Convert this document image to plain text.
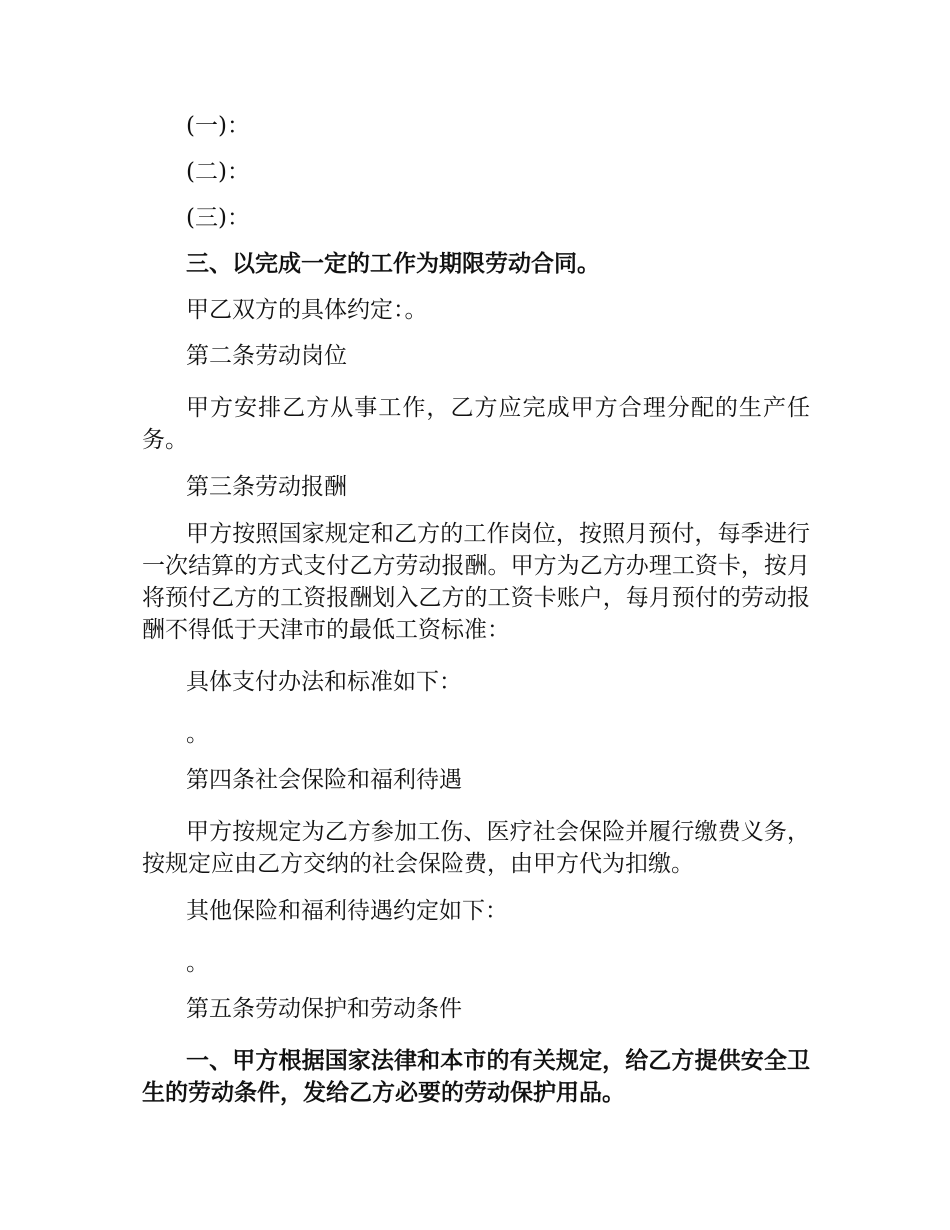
(一)：

(二)：

(三)：

三、以完成一定的工作为期限劳动合同。

甲乙双方的具体约定：。

第二条劳动岗位

甲方安排乙方从事工作，乙方应完成甲方合理分配的生产任务。

第三条劳动报酬

甲方按照国家规定和乙方的工作岗位，按照月预付，每季进行一次结算的方式支付乙方劳动报酬。甲方为乙方办理工资卡，按月将预付乙方的工资报酬划入乙方的工资卡账户，每月预付的劳动报酬不得低于天津市的最低工资标准：

具体支付办法和标准如下：

。

第四条社会保险和福利待遇

甲方按规定为乙方参加工伤、医疗社会保险并履行缴费义务，按规定应由乙方交纳的社会保险费，由甲方代为扣缴。

其他保险和福利待遇约定如下：

。

第五条劳动保护和劳动条件

一、甲方根据国家法律和本市的有关规定，给乙方提供安全卫生的劳动条件，发给乙方必要的劳动保护用品。
